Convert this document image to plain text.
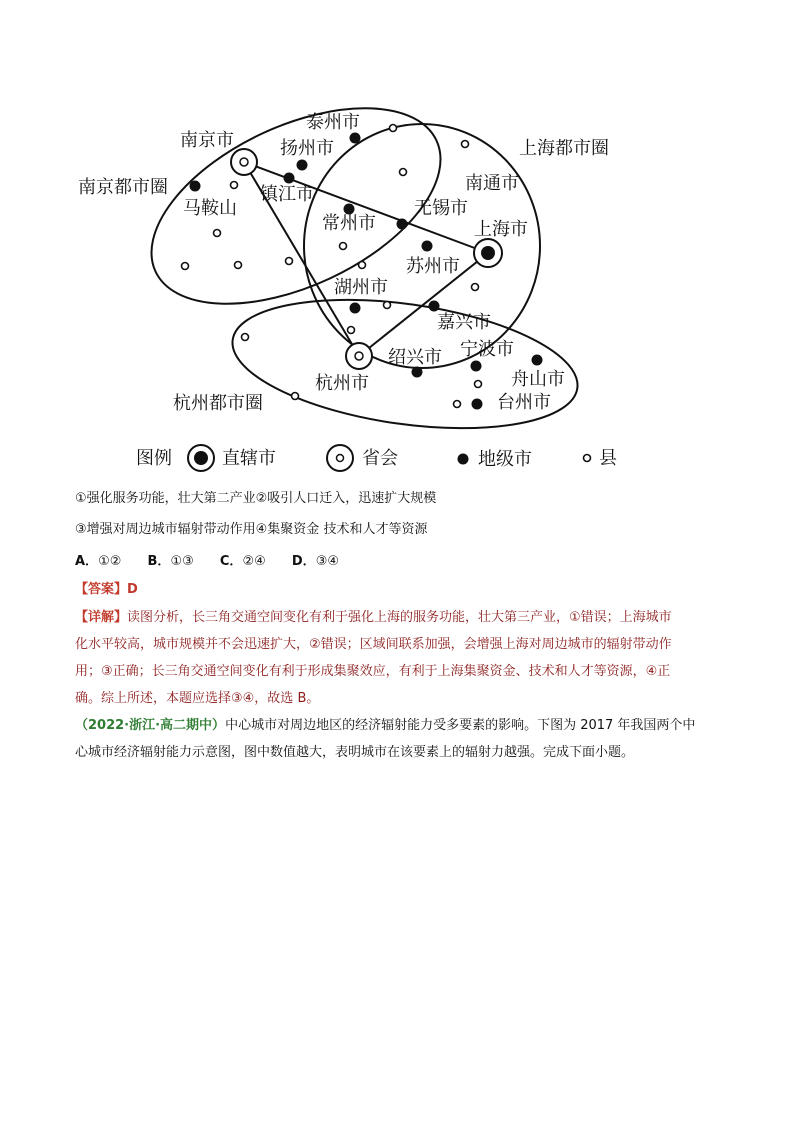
泰州市
南京市	扬州市	上海都市圈
南京都市圈	镇江市
南通市
马鞍山
常州市
无锡市
上海市
苏州市
湖州市
嘉兴市
宁波市
绍兴市
舟山市
杭州市
台州市
杭州都市圈
图例	直辖市	省会	地级市	县
①强化服务功能，壮大第二产业②吸引人口迁入，迅速扩大规模
③增强对周边城市辐射带动作用④集聚资金 技术和人才等资源
A．①② B．①③ C．②④ D．③④
【答案】D
【详解】读图分析，长三角交通空间变化有利于强化上海的服务功能，壮大第三产业，①错误；上海城市
化水平较高，城市规模并不会迅速扩大，②错误；区域间联系加强，会增强上海对周边城市的辐射带动作
用；③正确；长三角交通空间变化有利于形成集聚效应，有利于上海集聚资金、技术和人才等资源，④正
确。综上所述，本题应选择③④，故选 B。
（2022·浙江·高二期中）中心城市对周边地区的经济辐射能力受多要素的影响。下图为 2017 年我国两个中
心城市经济辐射能力示意图，图中数值越大，表明城市在该要素上的辐射力越强。完成下面小题。
